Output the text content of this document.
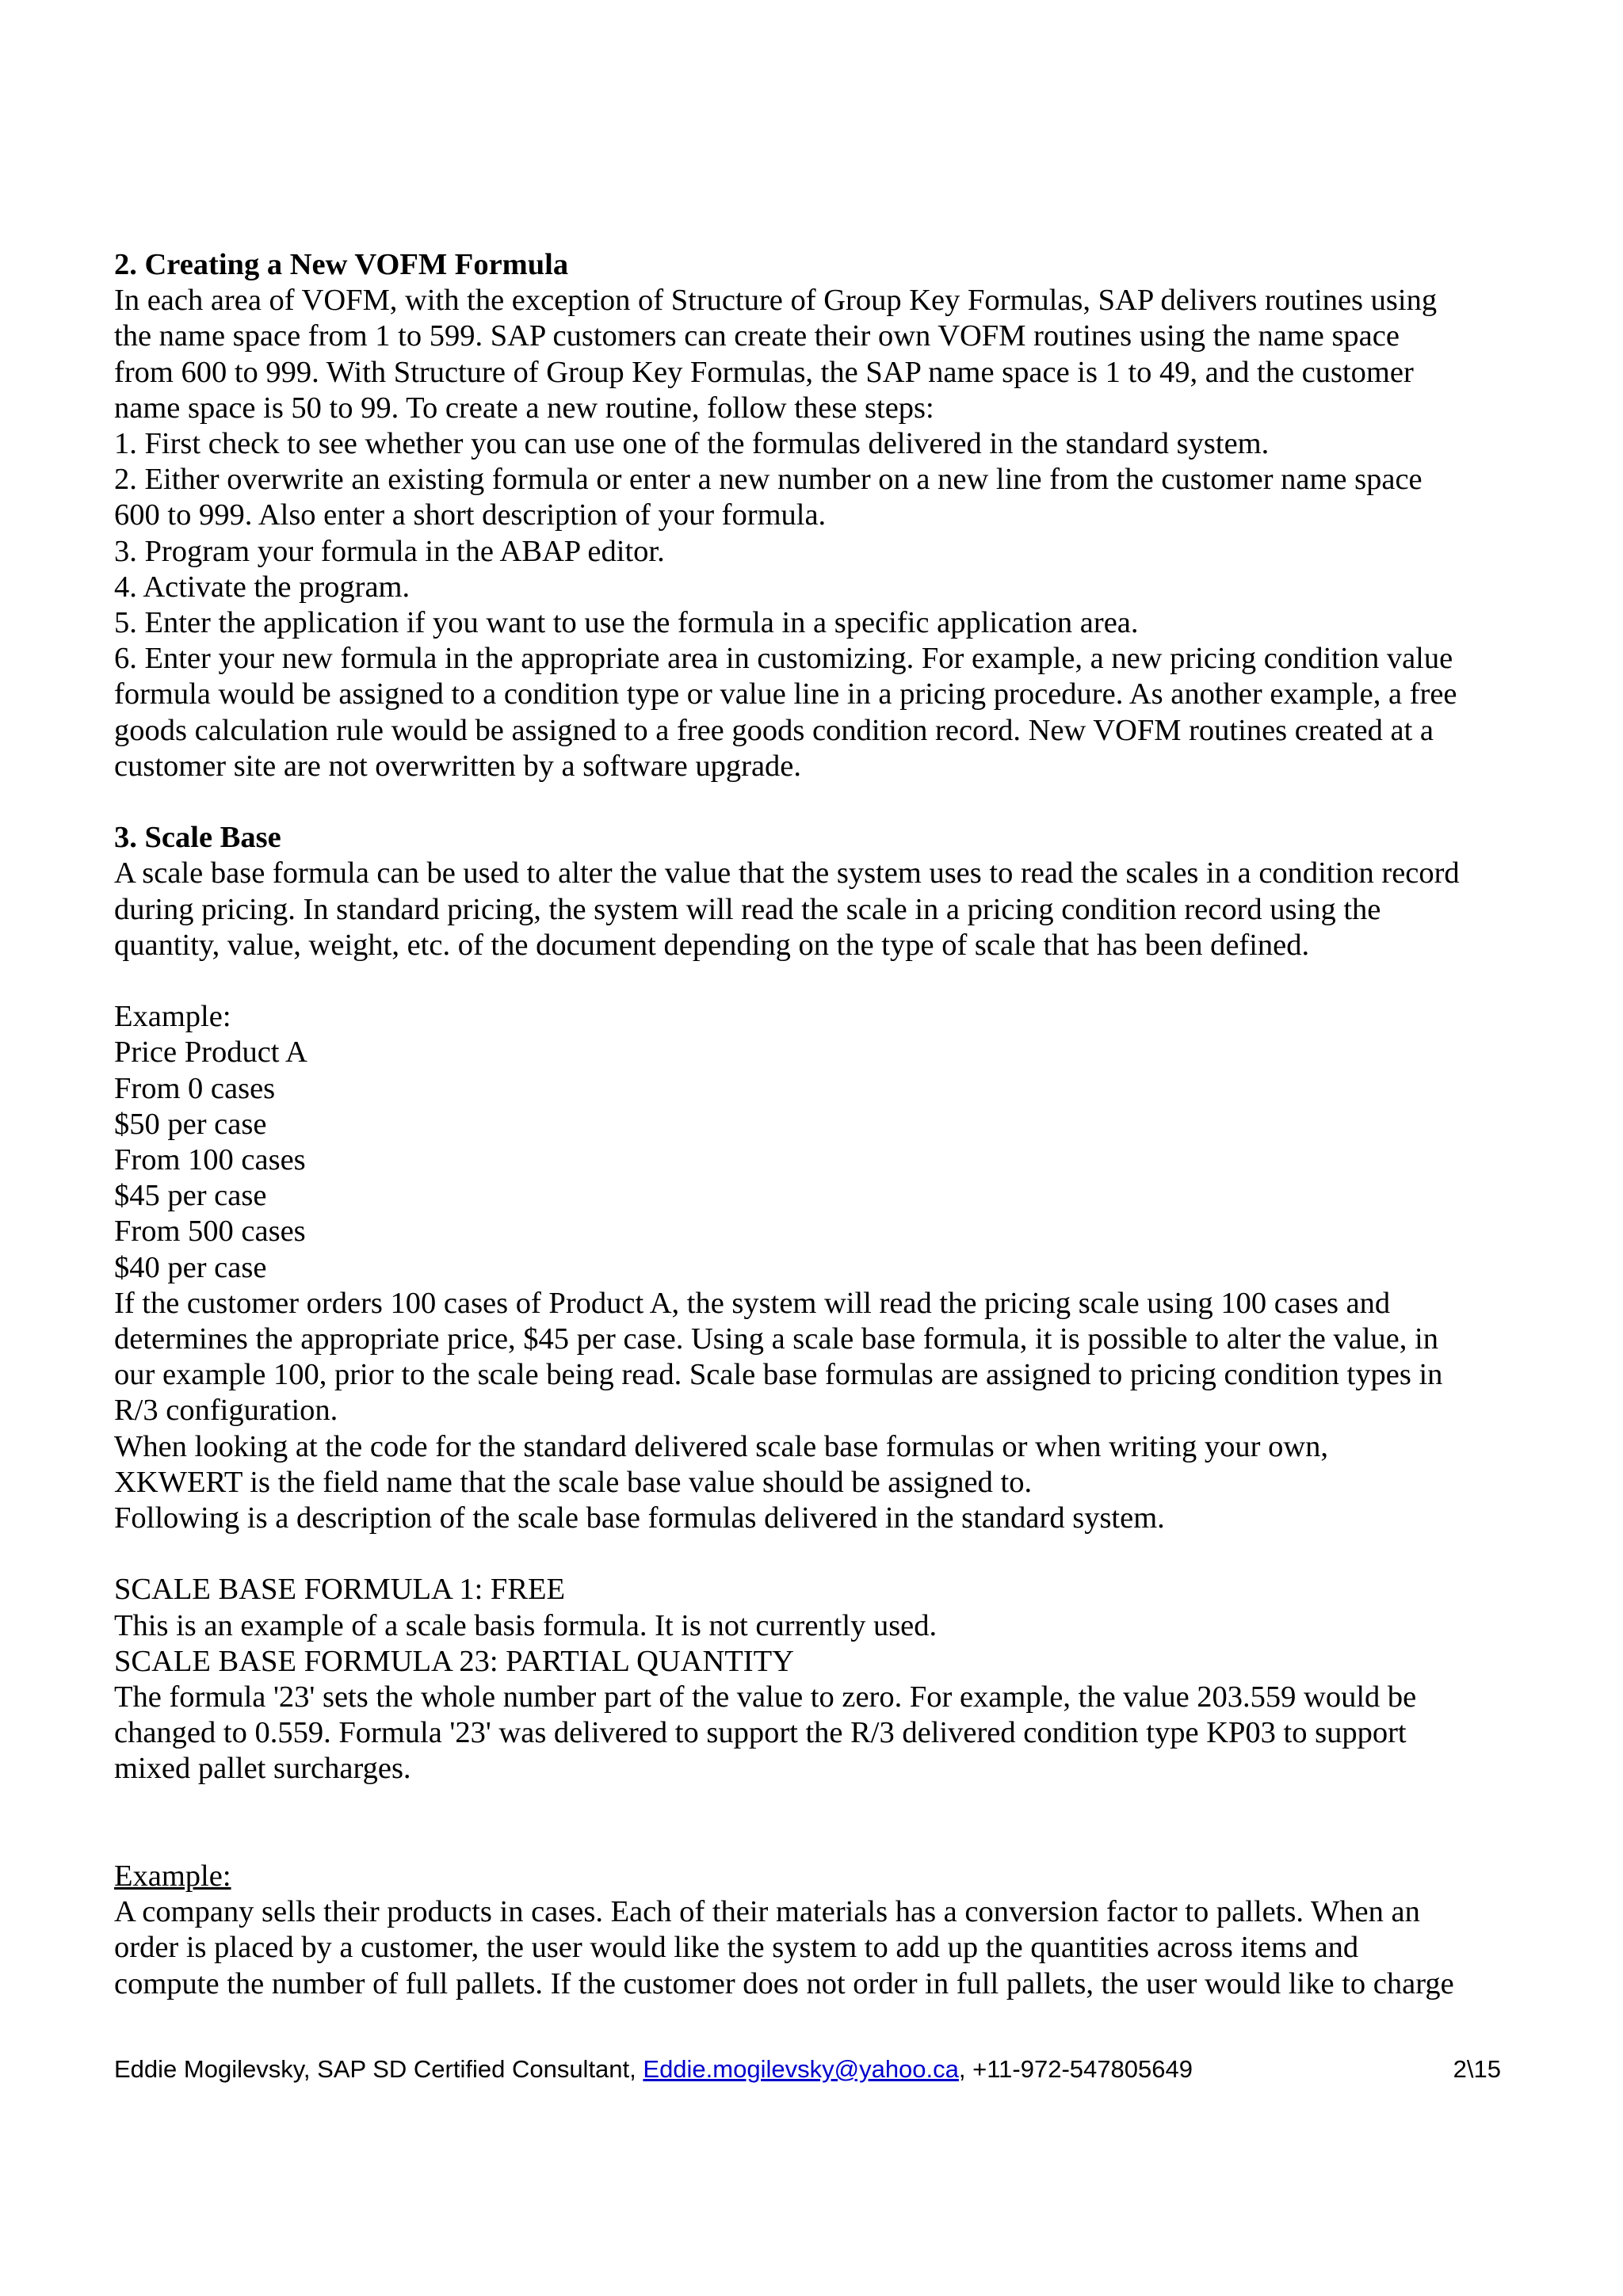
2. Creating a New VOFM Formula
In each area of VOFM, with the exception of Structure of Group Key Formulas, SAP delivers routines using
the name space from 1 to 599. SAP customers can create their own VOFM routines using the name space
from 600 to 999. With Structure of Group Key Formulas, the SAP name space is 1 to 49, and the customer
name space is 50 to 99. To create a new routine, follow these steps:
1. First check to see whether you can use one of the formulas delivered in the standard system.
2. Either overwrite an existing formula or enter a new number on a new line from the customer name space
600 to 999. Also enter a short description of your formula.
3. Program your formula in the ABAP editor.
4. Activate the program.
5. Enter the application if you want to use the formula in a specific application area.
6. Enter your new formula in the appropriate area in customizing. For example, a new pricing condition value
formula would be assigned to a condition type or value line in a pricing procedure. As another example, a free
goods calculation rule would be assigned to a free goods condition record. New VOFM routines created at a
customer site are not overwritten by a software upgrade.
3. Scale Base
A scale base formula can be used to alter the value that the system uses to read the scales in a condition record
during pricing. In standard pricing, the system will read the scale in a pricing condition record using the
quantity, value, weight, etc. of the document depending on the type of scale that has been defined.
Example:
Price Product A
From 0 cases
$50 per case
From 100 cases
$45 per case
From 500 cases
$40 per case
If the customer orders 100 cases of Product A, the system will read the pricing scale using 100 cases and
determines the appropriate price, $45 per case. Using a scale base formula, it is possible to alter the value, in
our example 100, prior to the scale being read. Scale base formulas are assigned to pricing condition types in
R/3 configuration.
When looking at the code for the standard delivered scale base formulas or when writing your own,
XKWERT is the field name that the scale base value should be assigned to.
Following is a description of the scale base formulas delivered in the standard system.
SCALE BASE FORMULA 1: FREE
This is an example of a scale basis formula. It is not currently used.
SCALE BASE FORMULA 23: PARTIAL QUANTITY
The formula '23' sets the whole number part of the value to zero. For example, the value 203.559 would be
changed to 0.559. Formula '23' was delivered to support the R/3 delivered condition type KP03 to support
mixed pallet surcharges.
Example:
A company sells their products in cases. Each of their materials has a conversion factor to pallets. When an
order is placed by a customer, the user would like the system to add up the quantities across items and
compute the number of full pallets. If the customer does not order in full pallets, the user would like to charge
Eddie Mogilevsky, SAP SD Certified Consultant, Eddie.mogilevsky@yahoo.ca, +11-972-547805649	2\15
